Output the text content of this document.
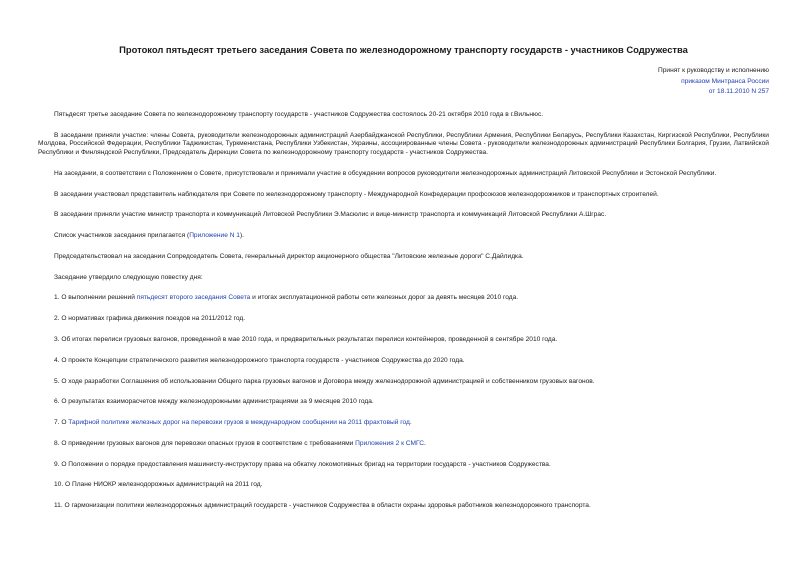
Протокол пятьдесят третьего заседания Совета по железнодорожному транспорту государств - участников Содружества
Принят к руководству и исполнению
приказом Минтранса России
от 18.11.2010 N 257

Пятьдесят третье заседание Совета по железнодорожному транспорту государств - участников Содружества состоялось 20-21 октября 2010 года в г.Вильнюс.

В заседании приняли участие: члены Совета, руководители железнодорожных администраций Азербайджанской Республики, Республики Армения, Республики Беларусь, Республики Казахстан, Киргизской Республики, Республики Молдова, Российской Федерации, Республики Таджикистан, Туркменистана, Республики Узбекистан, Украины, ассоциированные члены Совета - руководители железнодорожных администраций Республики Болгария, Грузии, Латвийской Республики и Финляндской Республики, Председатель Дирекции Совета по железнодорожному транспорту государств - участников Содружества.

На заседании, в соответствии с Положением о Совете, присутствовали и принимали участие в обсуждении вопросов руководители железнодорожных администраций Литовской Республики и Эстонской Республики.

В заседании участвовал представитель наблюдателя при Совете по железнодорожному транспорту - Международной Конфедерации профсоюзов железнодорожников и транспортных строителей.

В заседании приняли участие министр транспорта и коммуникаций Литовской Республики Э.Масюлис и вице-министр транспорта и коммуникаций Литовской Республики А.Шграс.

Список участников заседания прилагается (Приложение N 1).

Председательствовал на заседании Сопредседатель Совета, генеральный директор акционерного общества "Литовские железные дороги" С.Дайлидка.

Заседание утвердило следующую повестку дня:

1. О выполнении решений пятьдесят второго заседания Совета и итогах эксплуатационной работы сети железных дорог за девять месяцев 2010 года.
2. О нормативах графика движения поездов на 2011/2012 год.
3. Об итогах перелиси грузовых вагонов, проведенной в мае 2010 года, и предварительных результатах перелиси контейнеров, проведенной в сентябре 2010 года.
4. О проекте Концепции стратегического развития железнодорожного транспорта государств - участников Содружества до 2020 года.
5. О ходе разработки Соглашения об использовании Общего парка грузовых вагонов и Договора между железнодорожной администрацией и собственником грузовых вагонов.
6. О результатах взаиморасчетов между железнодорожными администрациями за 9 месяцев 2010 года.
7. О Тарифной политике железных дорог на перевозки грузов в международном сообщении на 2011 фрахтовый год.
8. О приведении грузовых вагонов для перевозки опасных грузов в соответствие с требованиями Приложения 2 к СМГС.
9. О Положении о порядке предоставления машинисту-инструктору права на обкатку локомотивных бригад на территории государств - участников Содружества.
10. О Плане НИОКР железнодорожных администраций на 2011 год.
11. О гармонизации политики железнодорожных администраций государств - участников Содружества в области охраны здоровья работников железнодорожного транспорта.
